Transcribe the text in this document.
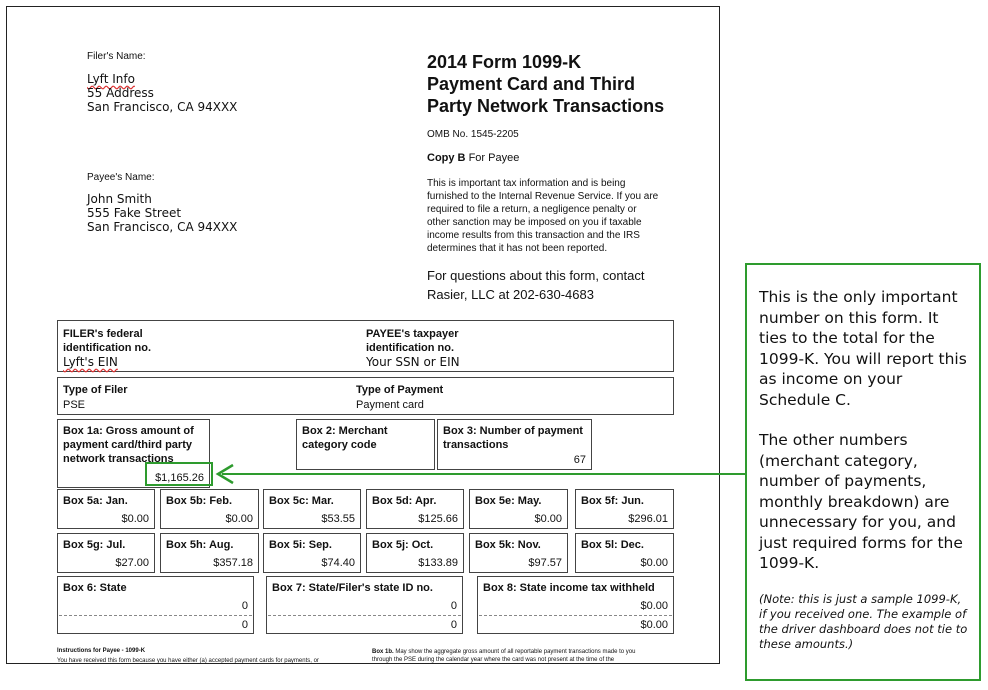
Filer's Name:
Lyft Info
55 Address
San Francisco, CA 94XXX
Payee's Name:
John Smith
555 Fake Street
San Francisco, CA 94XXX
2014 Form 1099-K
Payment Card and Third
Party Network Transactions
OMB No. 1545-2205
Copy B For Payee
This is important tax information and is being
furnished to the Internal Revenue Service. If you are
required to file a return, a negligence penalty or
other sanction may be imposed on you if taxable
income results from this transaction and the IRS
determines that it has not been reported.
For questions about this form, contact
Rasier, LLC at 202-630-4683
FILER's federal
identification no.
Lyft's EIN
PAYEE's taxpayer
identification no.
Your SSN or EIN
Type of Filer
PSE
Type of Payment
Payment card
Box 1a: Gross amount of
payment card/third party
network transactions
$1,165.26
Box 2: Merchant
category code
Box 3: Number of payment
transactions
67
Box 5a: Jan.
$0.00
Box 5b: Feb.
$0.00
Box 5c: Mar.
$53.55
Box 5d: Apr.
$125.66
Box 5e: May.
$0.00
Box 5f: Jun.
$296.01
Box 5g: Jul.
$27.00
Box 5h: Aug.
$357.18
Box 5i: Sep.
$74.40
Box 5j: Oct.
$133.89
Box 5k: Nov.
$97.57
Box 5l: Dec.
$0.00
Box 6: State
0
0
Box 7: State/Filer's state ID no.
0
0
Box 8: State income tax withheld
$0.00
$0.00
Instructions for Payee - 1099-K
You have received this form because you have either (a) accepted payment cards for payments, or
Box 1b. May show the aggregate gross amount of all reportable payment transactions made to you
through the PSE during the calendar year where the card was not present at the time of the

This is the only important number on this form. It ties to the total for the 1099-K. You will report this as income on your Schedule C.

The other numbers (merchant category, number of payments, monthly breakdown) are unnecessary for you, and just required forms for the 1099-K.

(Note: this is just a sample 1099-K, if you received one. The example of the driver dashboard does not tie to these amounts.)
